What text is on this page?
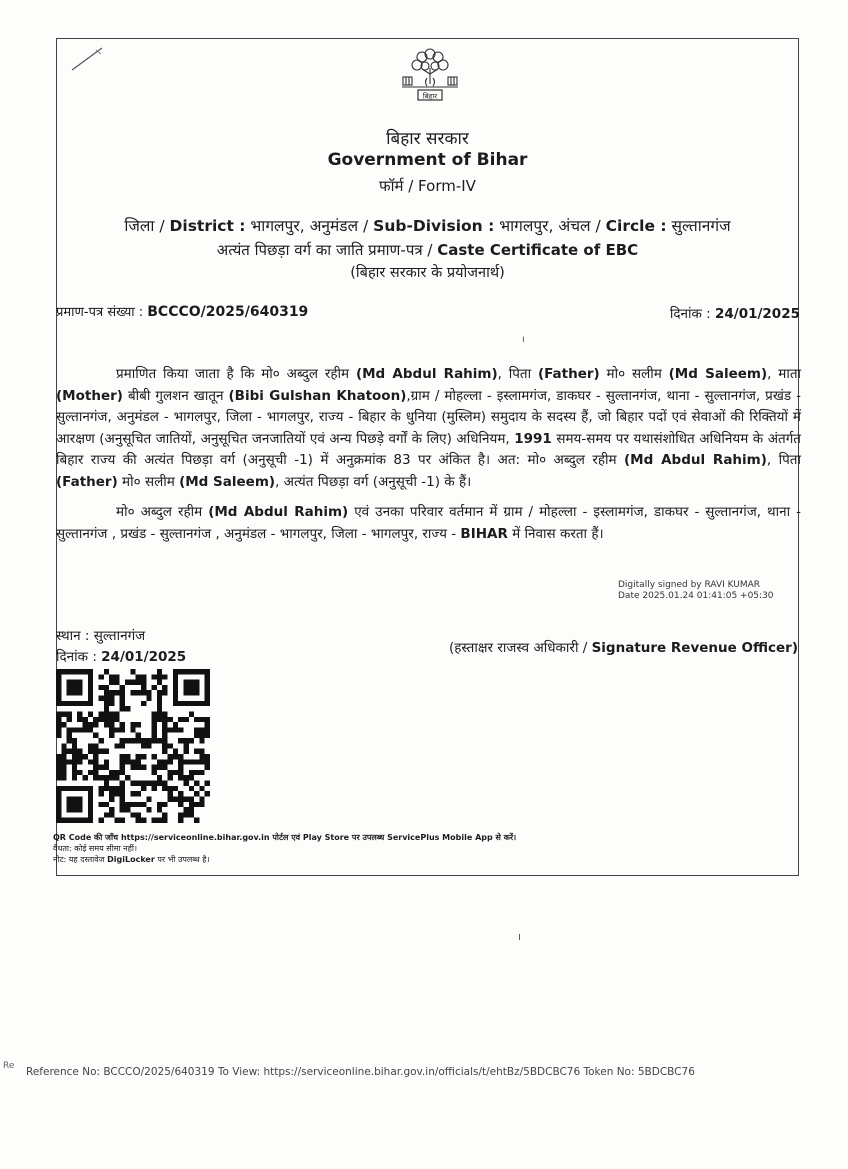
बिहार
बिहार सरकार
Government of Bihar
फॉर्म / Form-IV
जिला / District : भागलपुर, अनुमंडल / Sub-Division : भागलपुर, अंचल / Circle : सुल्तानगंज
अत्यंत पिछड़ा वर्ग का जाति प्रमाण-पत्र / Caste Certificate of EBC
(बिहार सरकार के प्रयोजनार्थ)
प्रमाण-पत्र संख्या : BCCCO/2025/640319	दिनांक : 24/01/2025
ı
प्रमाणित किया जाता है कि मो० अब्दुल रहीम (Md Abdul Rahim), पिता (Father) मो० सलीम (Md Saleem), माता (Mother) बीबी गुलशन खातून (Bibi Gulshan Khatoon),ग्राम / मोहल्ला - इस्लामगंज, डाकघर - सुल्तानगंज, थाना - सुल्तानगंज, प्रखंड - सुल्तानगंज, अनुमंडल - भागलपुर, जिला - भागलपुर, राज्य - बिहार के धुनिया (मुस्लिम) समुदाय के सदस्य हैं, जो बिहार पदों एवं सेवाओं की रिक्तियों में आरक्षण (अनुसूचित जातियों, अनुसूचित जनजातियों एवं अन्य पिछड़े वर्गों के लिए) अधिनियम, 1991 समय-समय पर यथासंशोधित अधिनियम के अंतर्गत बिहार राज्य की अत्यंत पिछड़ा वर्ग (अनुसूची -1) में अनुक्रमांक 83 पर अंकित है। अत: मो० अब्दुल रहीम (Md Abdul Rahim), पिता (Father) मो० सलीम (Md Saleem), अत्यंत पिछड़ा वर्ग (अनुसूची -1) के हैं।
मो० अब्दुल रहीम (Md Abdul Rahim) एवं उनका परिवार वर्तमान में ग्राम / मोहल्ला - इस्लामगंज, डाकघर - सुल्तानगंज, थाना - सुल्तानगंज , प्रखंड - सुल्तानगंज , अनुमंडल - भागलपुर, जिला - भागलपुर, राज्य - BIHAR में निवास करता हैं।
Digitally signed by RAVI KUMAR
Date 2025.01.24 01:41:05 +05:30
स्थान : सुल्तानगंज
दिनांक : 24/01/2025
(हस्ताक्षर राजस्व अधिकारी / Signature Revenue Officer)
QR Code की जाँच https://serviceonline.bihar.gov.in पोर्टल एवं Play Store पर उपलब्ध ServicePlus Mobile App से करें।
वैधता: कोई समय सीमा नहीं।
नोट: यह दस्तावेज DigiLocker पर भी उपलब्ध है।
ı
Re Reference No: BCCCO/2025/640319 To View: https://serviceonline.bihar.gov.in/officials/t/ehtBz/5BDCBC76 Token No: 5BDCBC76
